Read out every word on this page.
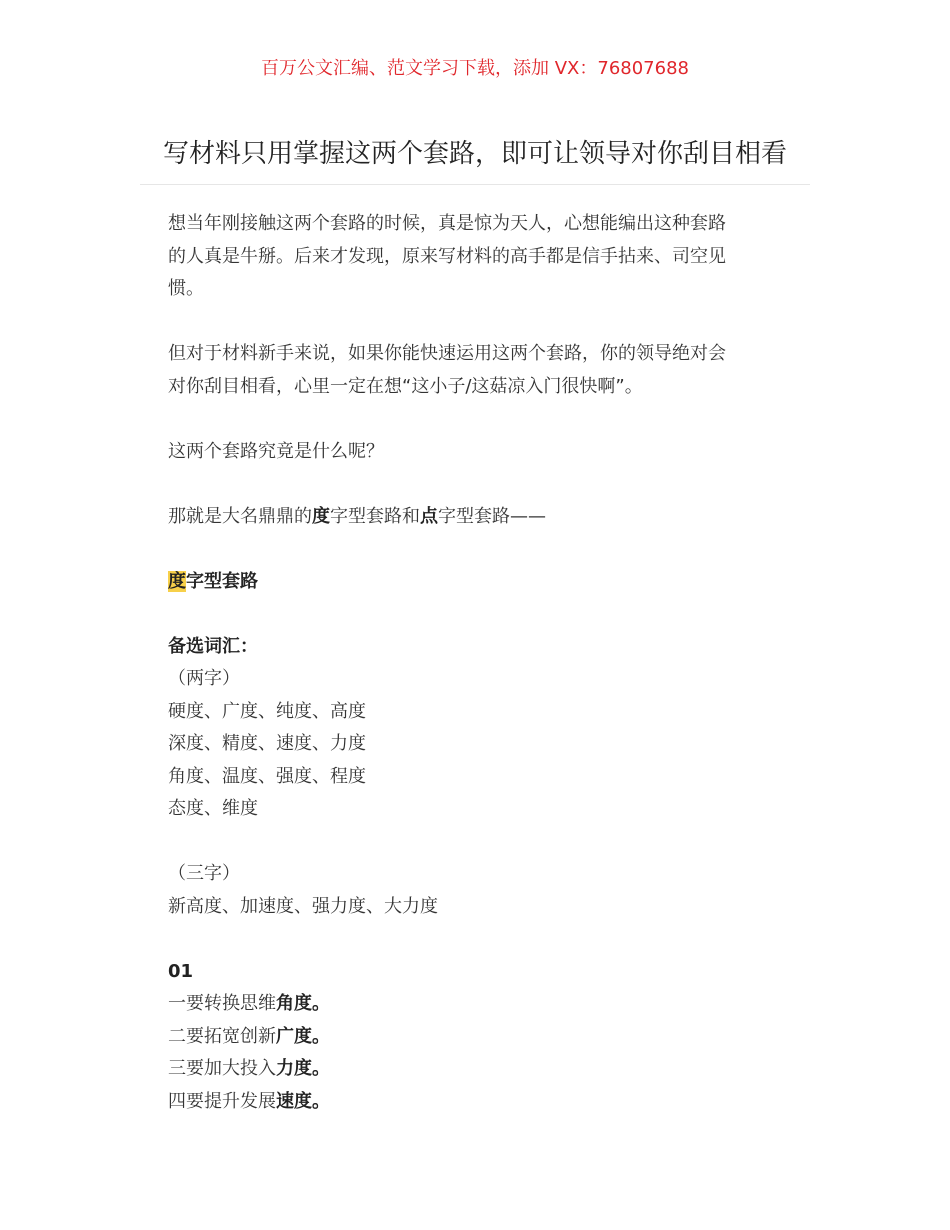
百万公文汇编、范文学习下载，添加 VX：76807688
写材料只用掌握这两个套路，即可让领导对你刮目相看

想当年刚接触这两个套路的时候，真是惊为天人，心想能编出这种套路

的人真是牛掰。后来才发现，原来写材料的高手都是信手拈来、司空见

惯。

但对于材料新手来说，如果你能快速运用这两个套路，你的领导绝对会

对你刮目相看，心里一定在想“这小子/这菇凉入门很快啊”。

这两个套路究竟是什么呢？

那就是大名鼎鼎的度字型套路和点字型套路——

度字型套路

备选词汇：

（两字）

硬度、广度、纯度、高度

深度、精度、速度、力度

角度、温度、强度、程度

态度、维度

（三字）

新高度、加速度、强力度、大力度

01

一要转换思维角度。

二要拓宽创新广度。

三要加大投入力度。

四要提升发展速度。
